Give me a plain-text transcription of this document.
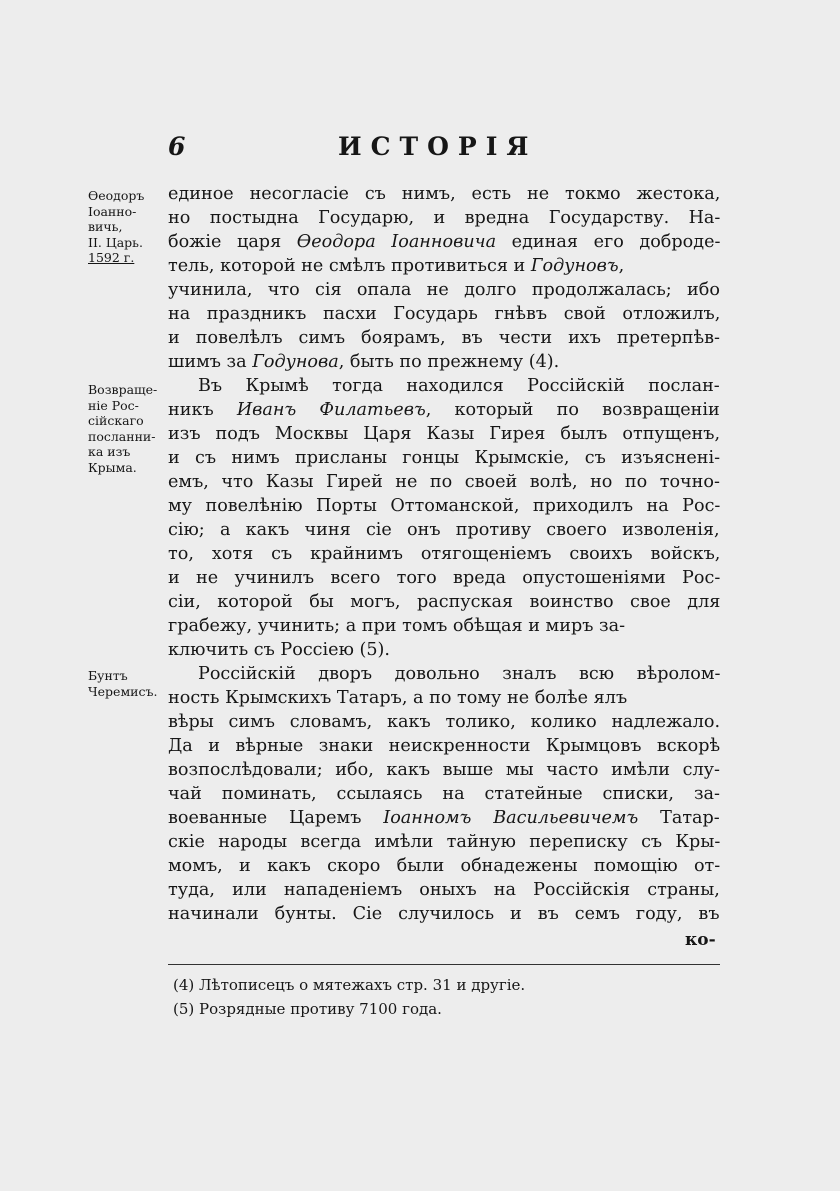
6	ИСТОРІЯ
Ѳеодоръ
Іоанно-
вичь,
II. Царь.
1592 г.
Возвраще-
ніе Рос-
сійскаго
посланни-
ка изъ
Крыма.
Бунтъ
Черемисъ.
единое несогласіе съ нимъ, есть не токмо жестока,
но постыдна Государю, и вредна Государству. На-
божіе царя Ѳеодора Іоанновича единая его доброде-
тель, которой не смѣлъ противиться и Годуновъ,
учинила, что сія опала не долго продолжалась; ибо
на праздникъ пасхи Государь гнѣвъ свой отложилъ,
и повелѣлъ симъ боярамъ, въ чести ихъ претерпѣв-
шимъ за Годунова, быть по прежнему (4).
Въ Крымѣ тогда находился Россійскій послан-
никъ Иванъ Филатьевъ, который по возвращеніи
изъ подъ Москвы Царя Казы Гирея былъ отпущенъ,
и съ нимъ присланы гонцы Крымскіе, съ изъясненi-
емъ, что Казы Гирей не по своей волѣ, но по точно-
му повелѣнію Порты Оттоманской, приходилъ на Рос-
сію; а какъ чиня сіе онъ противу своего изволенія,
то, хотя съ крайнимъ отягощеніемъ своихъ войскъ,
и не учинилъ всего того вреда опустошеніями Рос-
сіи, которой бы могъ, распуская воинство свое для
грабежу, учинить; а при томъ обѣщая и миръ за-
ключить съ Россіею (5).
Россійскій дворъ довольно зналъ всю вѣролом-
ность Крымскихъ Татаръ, а по тому не болѣе ялъ
вѣры симъ словамъ, какъ толико, колико надлежало.
Да и вѣрные знаки неискренности Крымцовъ вскорѣ
возпослѣдовали; ибо, какъ выше мы часто имѣли слу-
чай поминать, ссылаясь на статейные списки, за-
воеванные Царемъ Іоанномъ Васильевичемъ Татар-
скіе народы всегда имѣли тайную переписку съ Кры-
момъ, и какъ скоро были обнадежены помощію от-
туда, или нападеніемъ оныхъ на Россійскія страны,
начинали бунты. Сіе случилось и въ семъ году, въ
ко-
(4) Лѣтописецъ о мятежахъ стр. 31 и другіе.
(5) Розрядные противу 7100 года.
